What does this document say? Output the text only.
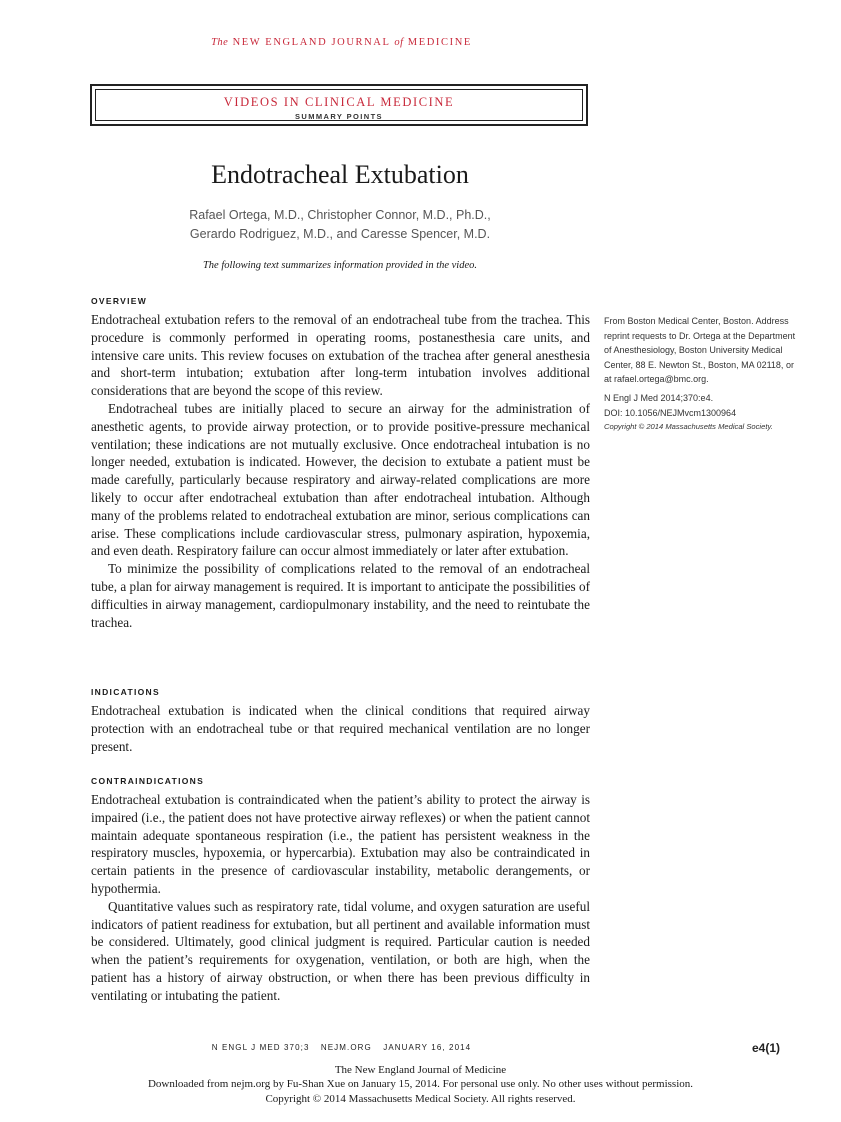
The NEW ENGLAND JOURNAL of MEDICINE
VIDEOS IN CLINICAL MEDICINE
SUMMARY POINTS
Endotracheal Extubation
Rafael Ortega, M.D., Christopher Connor, M.D., Ph.D.,
Gerardo Rodriguez, M.D., and Caresse Spencer, M.D.
The following text summarizes information provided in the video.
OVERVIEW

Endotracheal extubation refers to the removal of an endotracheal tube from the trachea. This procedure is commonly performed in operating rooms, postanesthesia care units, and intensive care units. This review focuses on extubation of the trachea after general anesthesia and short-term intubation; extubation after long-term intubation involves additional considerations that are beyond the scope of this review.

Endotracheal tubes are initially placed to secure an airway for the administration of anesthetic agents, to provide airway protection, or to provide positive-pressure mechanical ventilation; these indications are not mutually exclusive. Once endotracheal intubation is no longer needed, extubation is indicated. However, the decision to extubate a patient must be made carefully, particularly because respiratory and airway-related complications are more likely to occur after endotracheal extubation than after endotracheal intubation. Although many of the problems related to endotracheal extubation are minor, serious complications can arise. These complications include cardiovascular stress, pulmonary aspiration, hypoxemia, and even death. Respiratory failure can occur almost immediately or later after extubation.

To minimize the possibility of complications related to the removal of an endotracheal tube, a plan for airway management is required. It is important to anticipate the possibilities of difficulties in airway management, cardiopulmonary instability, and the need to reintubate the trachea.

INDICATIONS

Endotracheal extubation is indicated when the clinical conditions that required airway protection with an endotracheal tube or that required mechanical ventilation are no longer present.

CONTRAINDICATIONS

Endotracheal extubation is contraindicated when the patient’s ability to protect the airway is impaired (i.e., the patient does not have protective airway reflexes) or when the patient cannot maintain adequate spontaneous respiration (i.e., the patient has persistent weakness in the respiratory muscles, hypoxemia, or hypercarbia). Extubation may also be contraindicated in certain patients in the presence of cardiovascular instability, metabolic derangements, or hypothermia.

Quantitative values such as respiratory rate, tidal volume, and oxygen saturation are useful indicators of patient readiness for extubation, but all pertinent and available information must be considered. Ultimately, good clinical judgment is required. Particular caution is needed when the patient’s requirements for oxygenation, ventilation, or both are high, when the patient has a history of airway obstruction, or when there has been previous difficulty in ventilating or intubating the patient.

From Boston Medical Center, Boston. Address reprint requests to Dr. Ortega at the Department of Anesthesiology, Boston University Medical Center, 88 E. Newton St., Boston, MA 02118, or at rafael.ortega@bmc.org.

N Engl J Med 2014;370:e4.

DOI: 10.1056/NEJMvcm1300964

Copyright © 2014 Massachusetts Medical Society.

N ENGL J MED 370;3 NEJM.ORG JANUARY 16, 2014	e4(1)
The New England Journal of Medicine
Downloaded from nejm.org by Fu-Shan Xue on January 15, 2014. For personal use only. No other uses without permission.
Copyright © 2014 Massachusetts Medical Society. All rights reserved.
